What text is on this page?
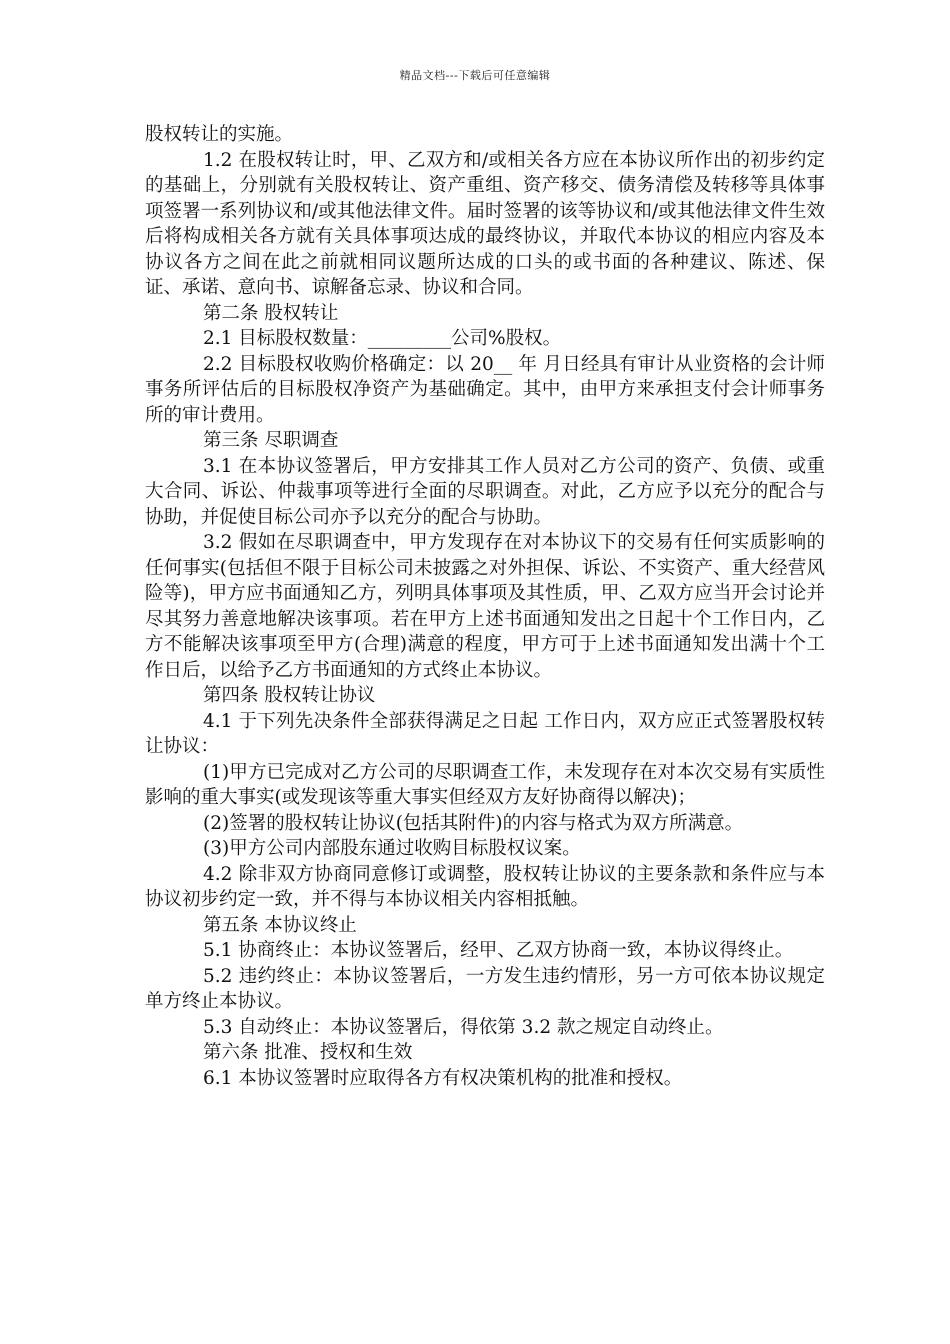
精品文档---下载后可任意编辑

股权转让的实施。

1.2 在股权转让时，甲、乙双方和/或相关各方应在本协议所作出的初步约定的基础上，分别就有关股权转让、资产重组、资产移交、债务清偿及转移等具体事项签署一系列协议和/或其他法律文件。届时签署的该等协议和/或其他法律文件生效后将构成相关各方就有关具体事项达成的最终协议，并取代本协议的相应内容及本协议各方之间在此之前就相同议题所达成的口头的或书面的各种建议、陈述、保证、承诺、意向书、谅解备忘录、协议和合同。

第二条 股权转让

2.1 目标股权数量：_________公司%股权。

2.2 目标股权收购价格确定：以 20__ 年 月日经具有审计从业资格的会计师事务所评估后的目标股权净资产为基础确定。其中，由甲方来承担支付会计师事务所的审计费用。

第三条 尽职调查

3.1 在本协议签署后，甲方安排其工作人员对乙方公司的资产、负债、或重大合同、诉讼、仲裁事项等进行全面的尽职调查。对此，乙方应予以充分的配合与协助，并促使目标公司亦予以充分的配合与协助。

3.2 假如在尽职调查中，甲方发现存在对本协议下的交易有任何实质影响的任何事实(包括但不限于目标公司未披露之对外担保、诉讼、不实资产、重大经营风险等)，甲方应书面通知乙方，列明具体事项及其性质，甲、乙双方应当开会讨论并尽其努力善意地解决该事项。若在甲方上述书面通知发出之日起十个工作日内，乙方不能解决该事项至甲方(合理)满意的程度，甲方可于上述书面通知发出满十个工作日后，以给予乙方书面通知的方式终止本协议。

第四条 股权转让协议

4.1 于下列先决条件全部获得满足之日起 工作日内，双方应正式签署股权转让协议：

(1)甲方已完成对乙方公司的尽职调查工作，未发现存在对本次交易有实质性影响的重大事实(或发现该等重大事实但经双方友好协商得以解决)；

(2)签署的股权转让协议(包括其附件)的内容与格式为双方所满意。

(3)甲方公司内部股东通过收购目标股权议案。

4.2 除非双方协商同意修订或调整，股权转让协议的主要条款和条件应与本协议初步约定一致，并不得与本协议相关内容相抵触。

第五条 本协议终止

5.1 协商终止：本协议签署后，经甲、乙双方协商一致，本协议得终止。

5.2 违约终止：本协议签署后，一方发生违约情形，另一方可依本协议规定单方终止本协议。

5.3 自动终止：本协议签署后，得依第 3.2 款之规定自动终止。

第六条 批准、授权和生效

6.1 本协议签署时应取得各方有权决策机构的批准和授权。
